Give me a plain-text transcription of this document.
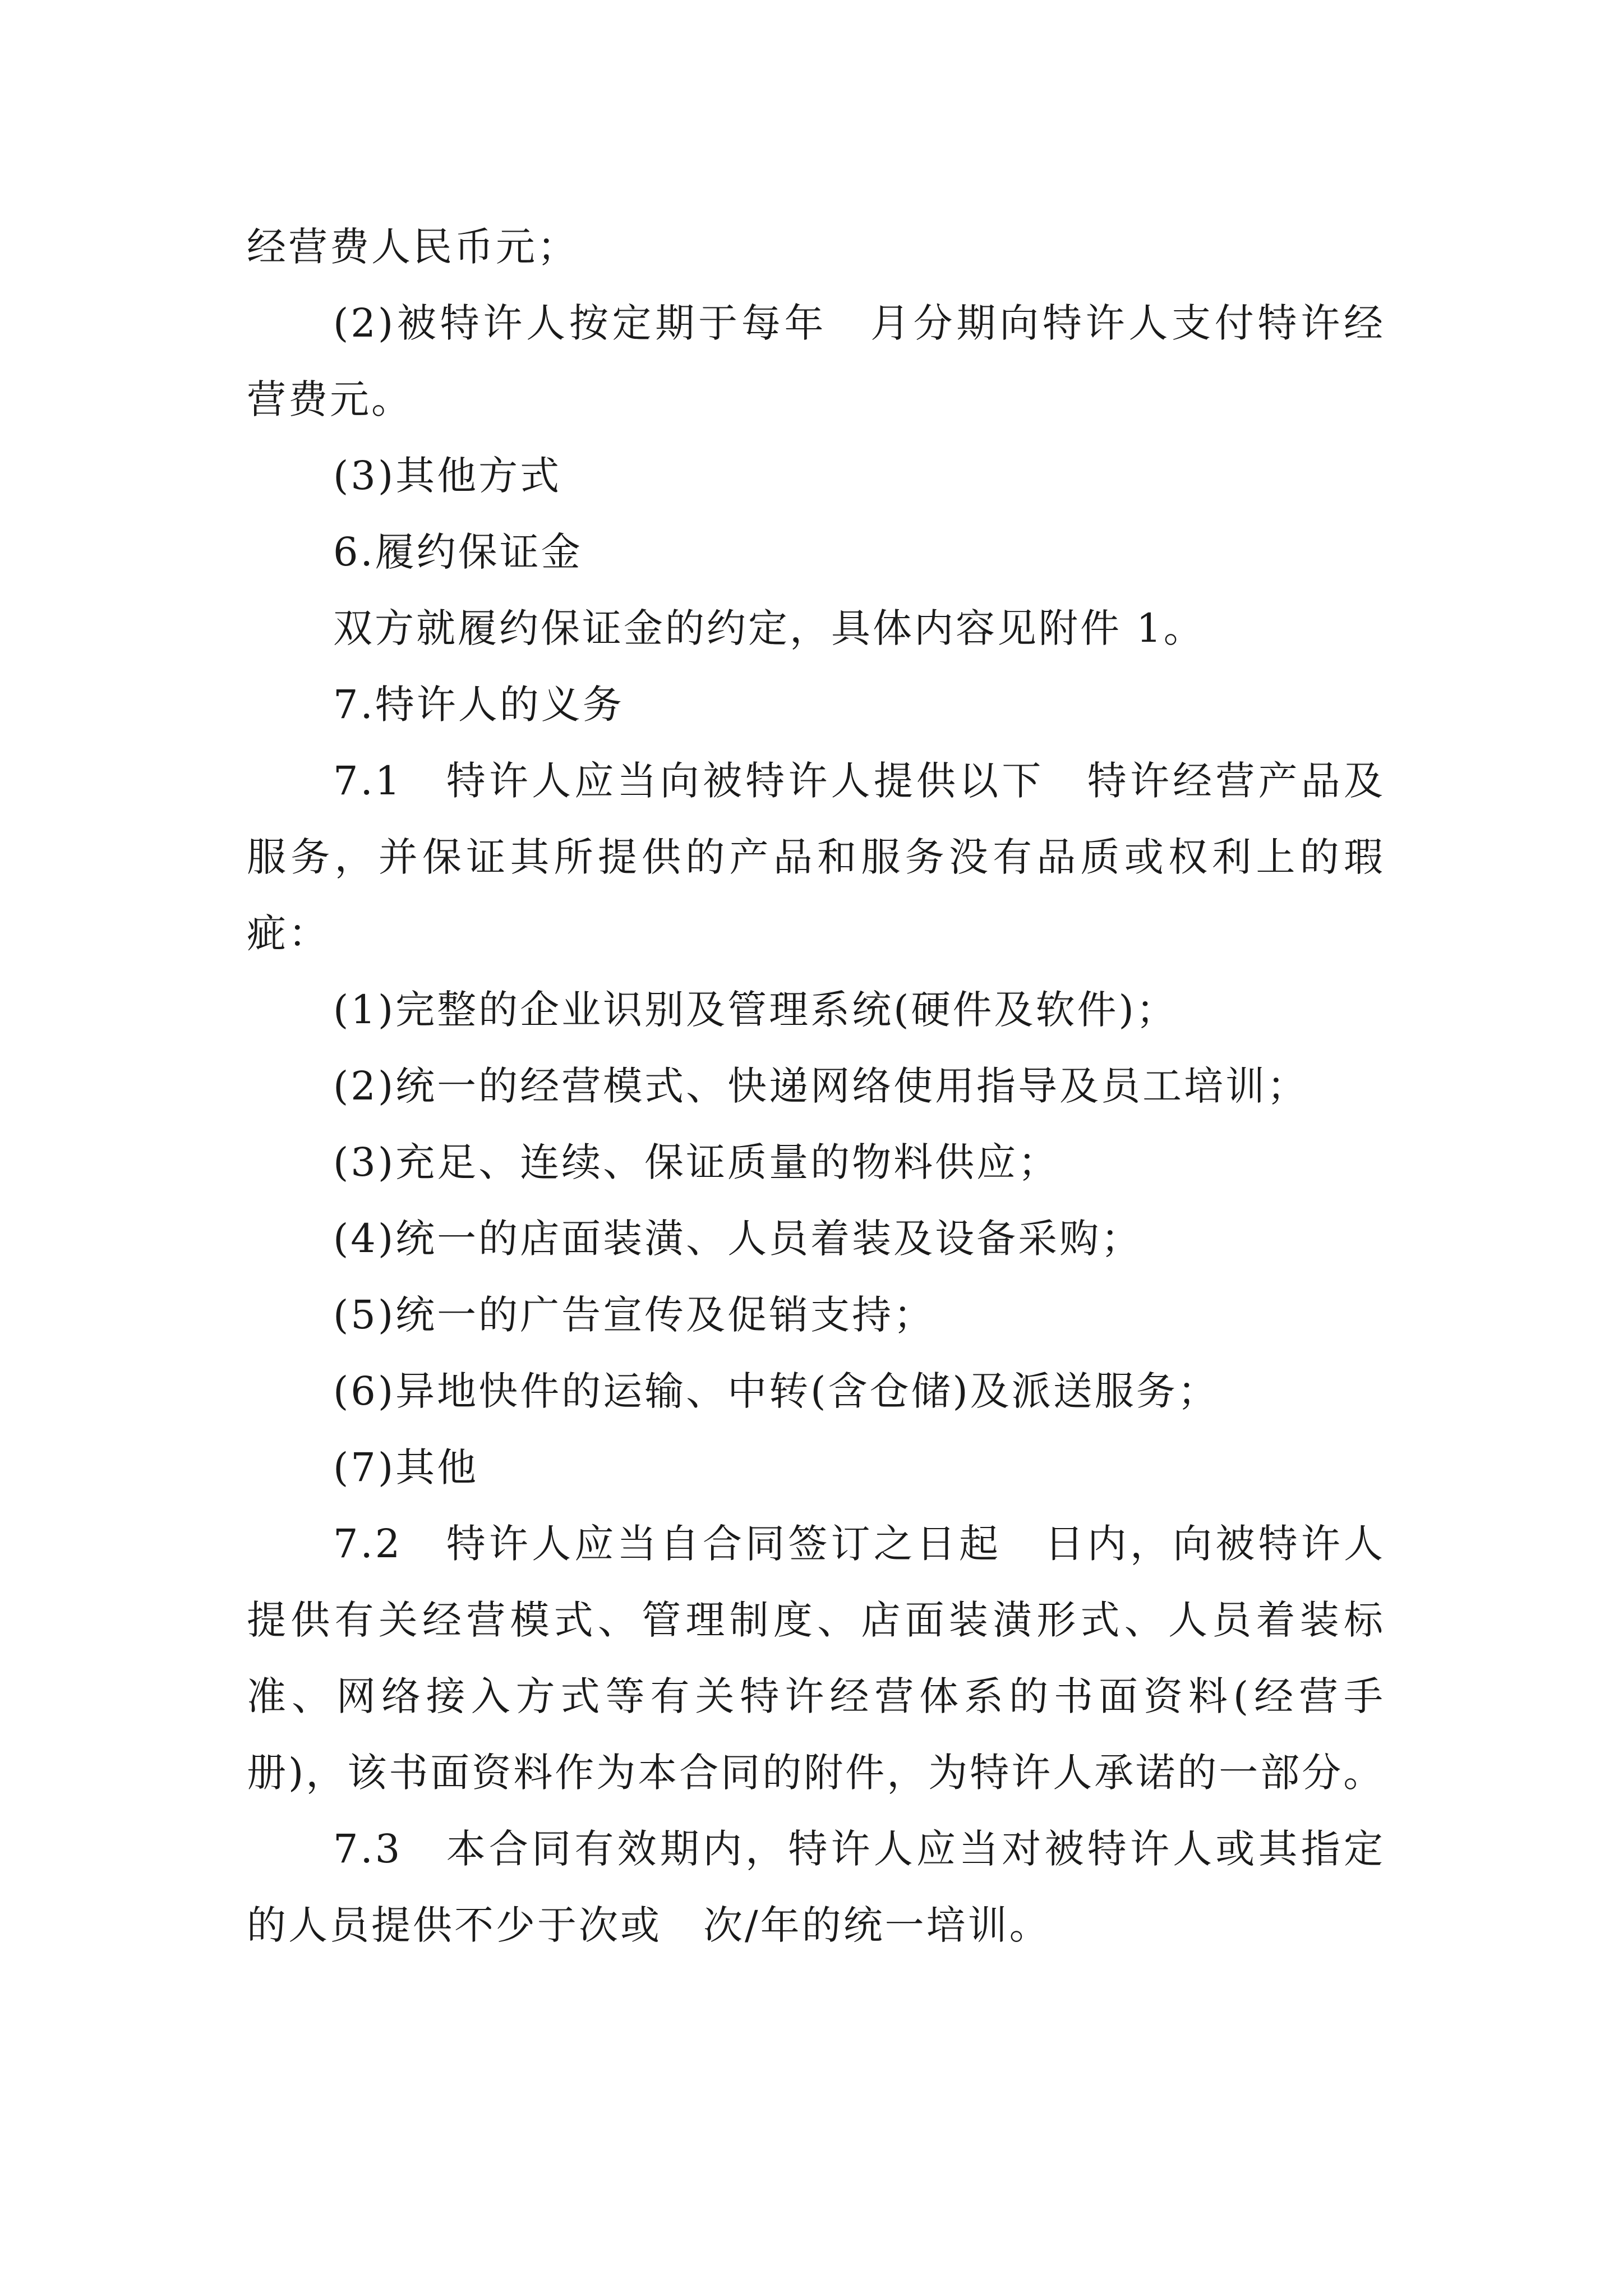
经营费人民币元；

(2)被特许人按定期于每年　月分期向特许人支付特许经营费元。

(3)其他方式

6.履约保证金

双方就履约保证金的约定，具体内容见附件 1。

7.特许人的义务

7.1　特许人应当向被特许人提供以下　特许经营产品及服务，并保证其所提供的产品和服务没有品质或权利上的瑕疵：

(1)完整的企业识别及管理系统(硬件及软件)；

(2)统一的经营模式、快递网络使用指导及员工培训；

(3)充足、连续、保证质量的物料供应；

(4)统一的店面装潢、人员着装及设备采购；

(5)统一的广告宣传及促销支持；

(6)异地快件的运输、中转(含仓储)及派送服务；

(7)其他

7.2　特许人应当自合同签订之日起　日内，向被特许人提供有关经营模式、管理制度、店面装潢形式、人员着装标准、网络接入方式等有关特许经营体系的书面资料(经营手册)，该书面资料作为本合同的附件，为特许人承诺的一部分。

7.3　本合同有效期内，特许人应当对被特许人或其指定的人员提供不少于次或　次/年的统一培训。
